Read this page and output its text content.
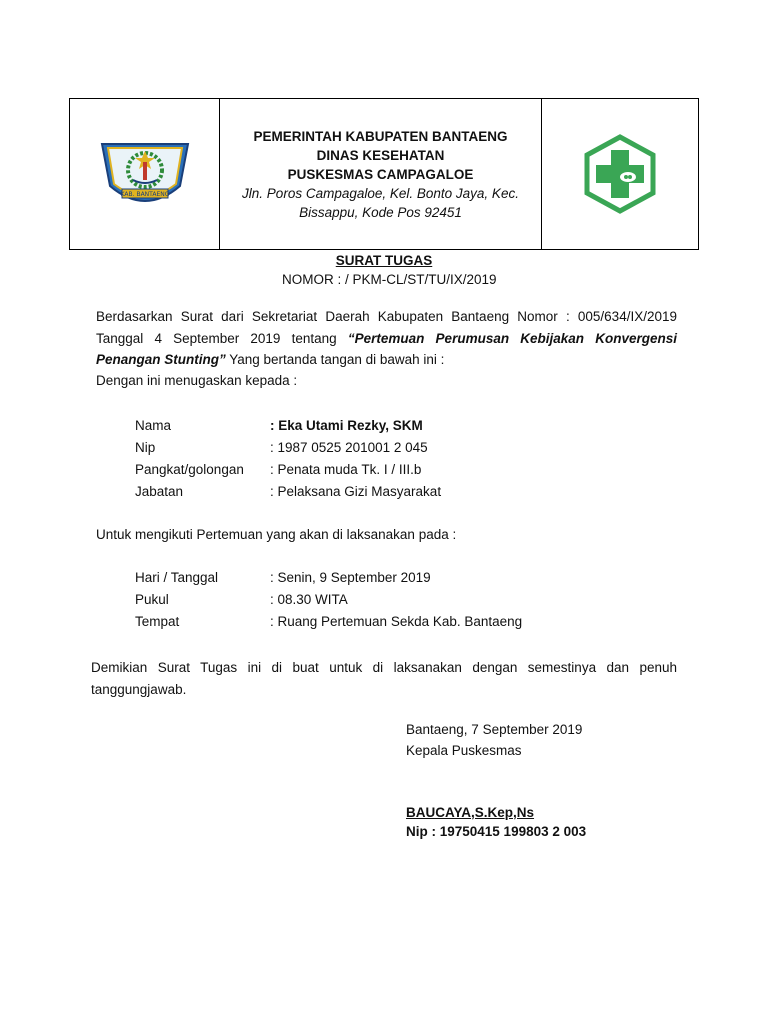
KAB. BANTAENG
PEMERINTAH KABUPATEN BANTAENG
DINAS KESEHATAN
PUSKESMAS CAMPAGALOE
Jln. Poros Campagaloe, Kel. Bonto Jaya, Kec.
Bissappu, Kode Pos 92451
SURAT TUGAS
NOMOR : / PKM-CL/ST/TU/IX/2019
Berdasarkan Surat dari Sekretariat Daerah Kabupaten Bantaeng Nomor : 005/634/IX/2019 Tanggal 4 September 2019 tentang “Pertemuan Perumusan Kebijakan Konvergensi Penangan Stunting” Yang bertanda tangan di bawah ini :
Dengan ini menugaskan kepada :
Nama	: Eka Utami Rezky, SKM
Nip	: 1987 0525 201001 2 045
Pangkat/golongan	: Penata muda Tk. I / III.b
Jabatan	: Pelaksana Gizi Masyarakat
Untuk mengikuti Pertemuan yang akan di laksanakan pada :
Hari / Tanggal	: Senin, 9 September 2019
Pukul	: 08.30 WITA
Tempat	: Ruang Pertemuan Sekda Kab. Bantaeng
Demikian Surat Tugas ini di buat untuk di laksanakan dengan semestinya dan penuh tanggungjawab.
Bantaeng, 7 September 2019
Kepala Puskesmas
BAUCAYA,S.Kep,Ns
Nip : 19750415 199803 2 003
